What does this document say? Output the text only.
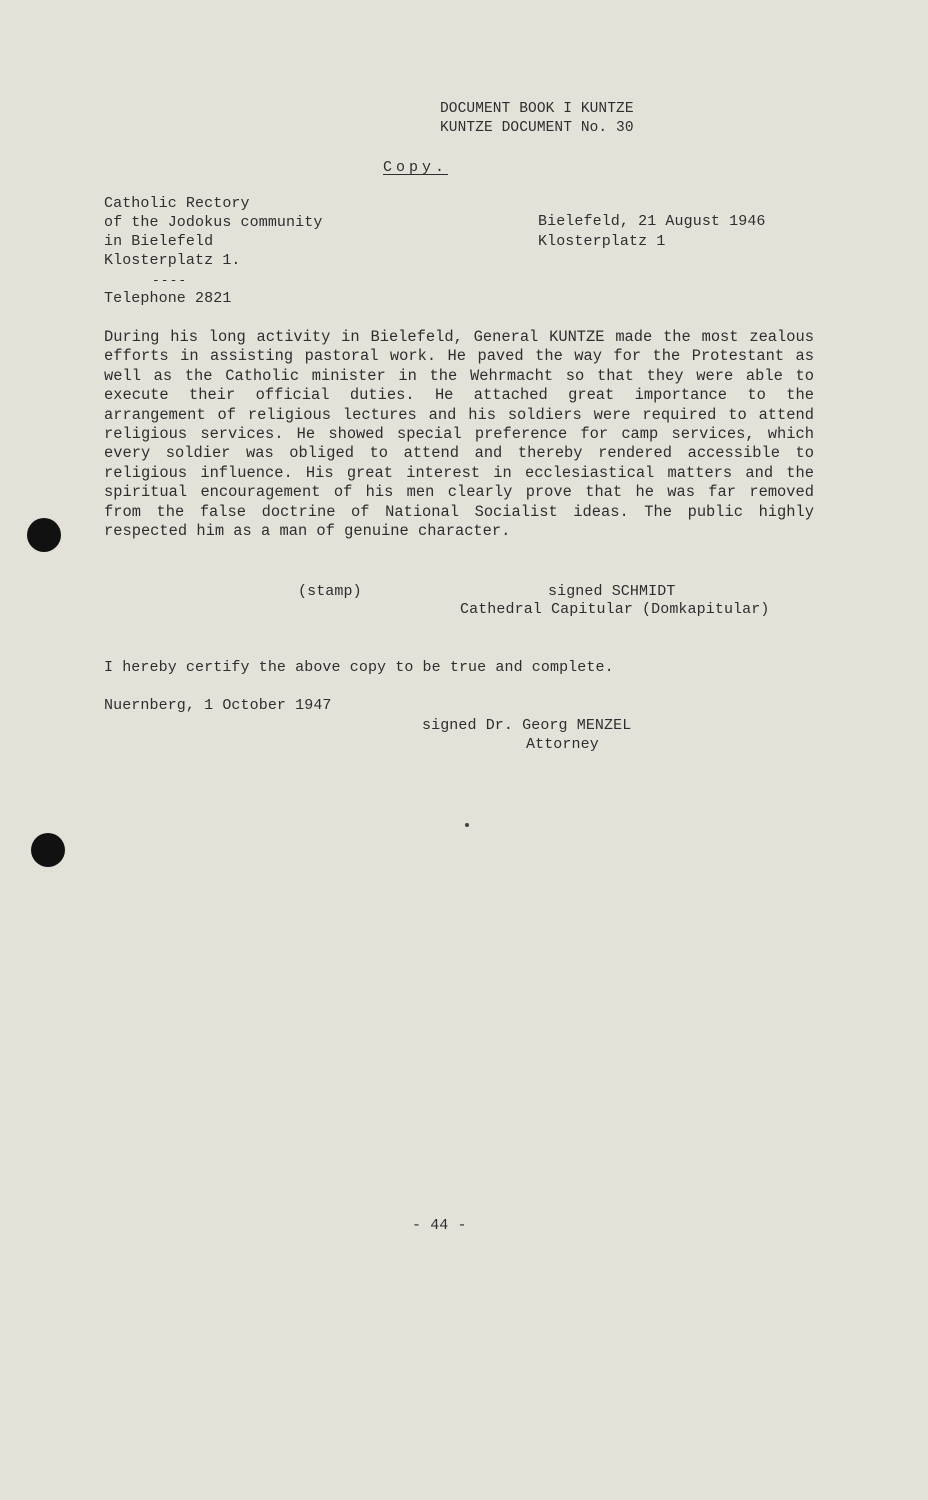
DOCUMENT BOOK I KUNTZE
KUNTZE DOCUMENT No. 30
Copy.
Catholic Rectory
of the Jodokus community
in Bielefeld
Klosterplatz 1.
----
Telephone 2821
Bielefeld, 21 August 1946
Klosterplatz 1
During his long activity in Bielefeld, General KUNTZE made the most zealous efforts in assisting pastoral work. He paved the way for the Protestant as well as the Catholic minister in the Wehrmacht so that they were able to execute their official duties. He attached great importance to the arrangement of religious lectures and his soldiers were required to attend religious services. He showed special preference for camp services, which every soldier was obliged to attend and thereby rendered accessible to religious influence. His great interest in ecclesiastical matters and the spiritual encouragement of his men clearly prove that he was far removed from the false doctrine of National Socialist ideas. The public highly respected him as a man of genuine character.
(stamp)	signed SCHMIDT
Cathedral Capitular (Domkapitular)
I hereby certify the above copy to be true and complete.
Nuernberg, 1 October 1947
signed Dr. Georg MENZEL
Attorney
- 44 -
